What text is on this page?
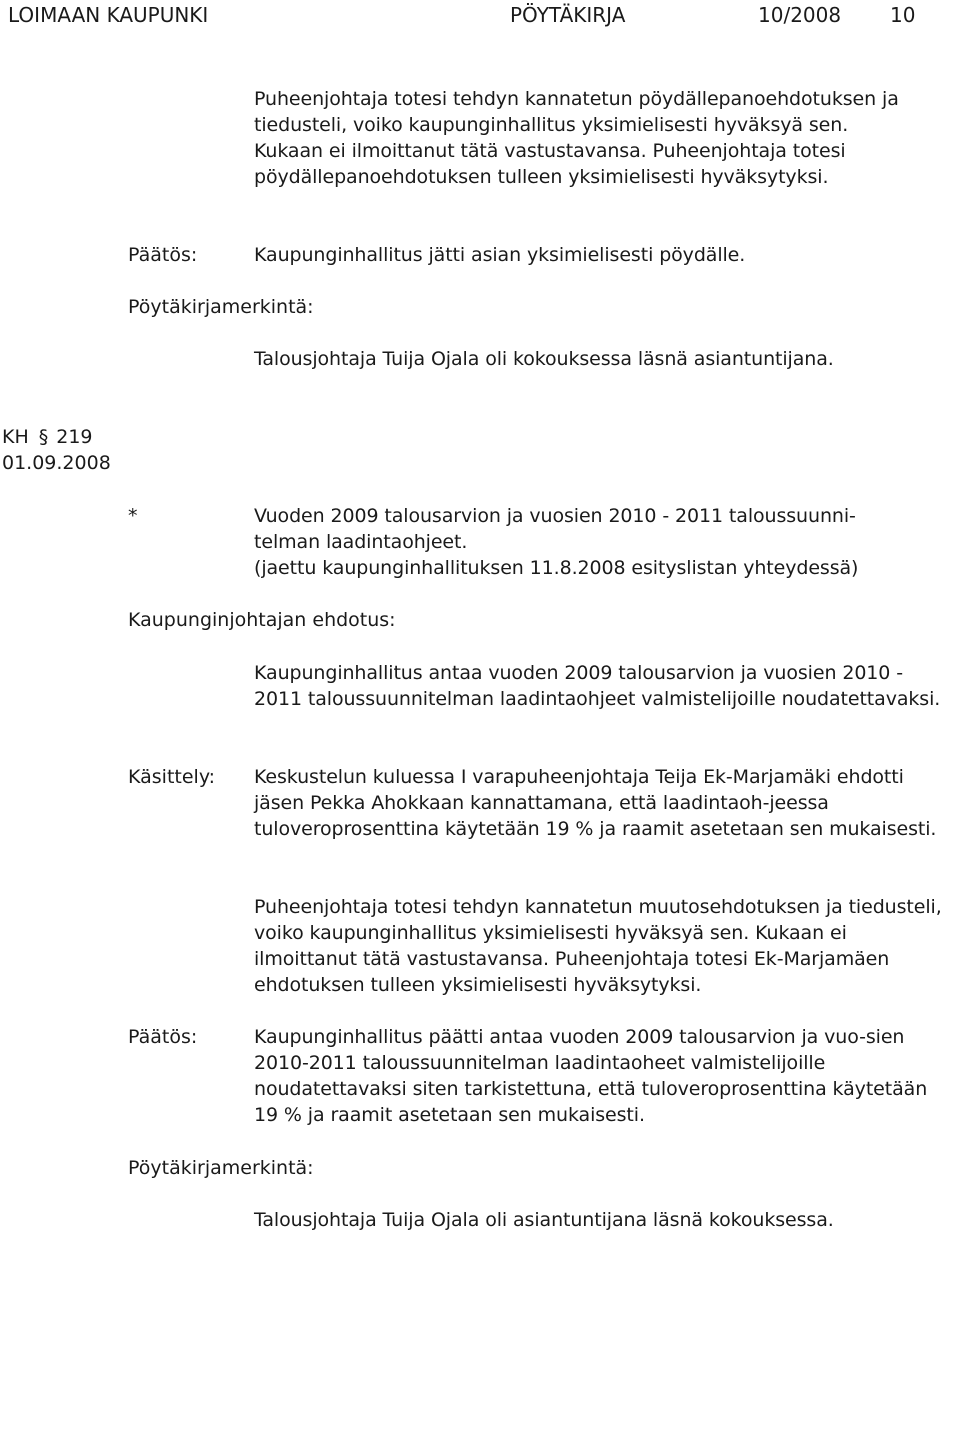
LOIMAAN KAUPUNKI	PÖYTÄKIRJA	10/2008 10

Puheenjohtaja totesi tehdyn kannatetun pöydällepanoehdotuksen ja tiedusteli, voiko kaupunginhallitus yksimielisesti hyväksyä sen. Kukaan ei ilmoittanut tätä vastustavansa. Puheenjohtaja totesi pöydällepanoehdotuksen tulleen yksimielisesti hyväksytyksi.

Päätös:	Kaupunginhallitus jätti asian yksimielisesti pöydälle.
Pöytäkirjamerkintä:
Talousjohtaja Tuija Ojala oli kokouksessa läsnä asiantuntijana.
KH § 219
01.09.2008
*	Vuoden 2009 talousarvion ja vuosien 2010 - 2011 taloussuunni-

telman laadintaohjeet.

(jaettu kaupunginhallituksen 11.8.2008 esityslistan yhteydessä)

Kaupunginjohtajan ehdotus:
Kaupunginhallitus antaa vuoden 2009 talousarvion ja vuosien 2010 - 2011 taloussuunnitelman laadintaohjeet valmistelijoille noudatettavaksi.
Käsittely: Keskustelun kuluessa I varapuheenjohtaja Teija Ek-Marjamäki ehdotti jäsen Pekka Ahokkaan kannattamana, että laadintaoh-jeessa tuloveroprosenttina käytetään 19 % ja raamit asetetaan sen mukaisesti.
Puheenjohtaja totesi tehdyn kannatetun muutosehdotuksen ja tiedusteli, voiko kaupunginhallitus yksimielisesti hyväksyä sen. Kukaan ei ilmoittanut tätä vastustavansa. Puheenjohtaja totesi Ek-Marjamäen ehdotuksen tulleen yksimielisesti hyväksytyksi.
Päätös:	Kaupunginhallitus päätti antaa vuoden 2009 talousarvion ja vuo-sien 2010-2011 taloussuunnitelman laadintaoheet valmistelijoille noudatettavaksi siten tarkistettuna, että tuloveroprosenttina käytetään 19 % ja raamit asetetaan sen mukaisesti.
Pöytäkirjamerkintä:
Talousjohtaja Tuija Ojala oli asiantuntijana läsnä kokouksessa.
